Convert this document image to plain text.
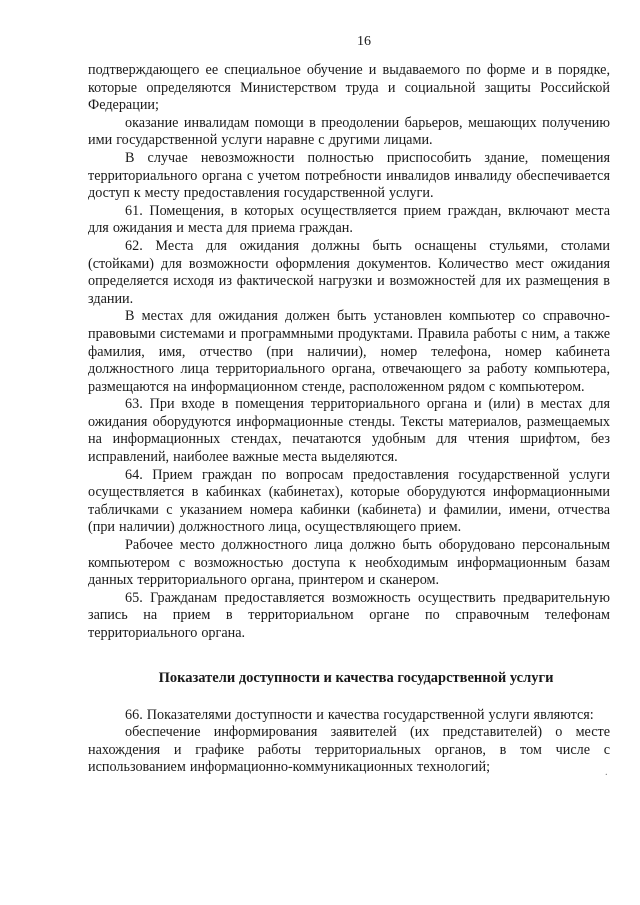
16

подтверждающего ее специальное обучение и выдаваемого по форме и в порядке, которые определяются Министерством труда и социальной защиты Российской Федерации;

оказание инвалидам помощи в преодолении барьеров, мешающих получению ими государственной услуги наравне с другими лицами.

В случае невозможности полностью приспособить здание, помещения территориального органа с учетом потребности инвалидов инвалиду обеспечивается доступ к месту предоставления государственной услуги.

61. Помещения, в которых осуществляется прием граждан, включают места для ожидания и места для приема граждан.

62. Места для ожидания должны быть оснащены стульями, столами (стойками) для возможности оформления документов. Количество мест ожидания определяется исходя из фактической нагрузки и возможностей для их размещения в здании.

В местах для ожидания должен быть установлен компьютер со справочно-правовыми системами и программными продуктами. Правила работы с ним, а также фамилия, имя, отчество (при наличии), номер телефона, номер кабинета должностного лица территориального органа, отвечающего за работу компьютера, размещаются на информационном стенде, расположенном рядом с компьютером.

63. При входе в помещения территориального органа и (или) в местах для ожидания оборудуются информационные стенды. Тексты материалов, размещаемых на информационных стендах, печатаются удобным для чтения шрифтом, без исправлений, наиболее важные места выделяются.

64. Прием граждан по вопросам предоставления государственной услуги осуществляется в кабинках (кабинетах), которые оборудуются информационными табличками с указанием номера кабинки (кабинета) и фамилии, имени, отчества (при наличии) должностного лица, осуществляющего прием.

Рабочее место должностного лица должно быть оборудовано персональным компьютером с возможностью доступа к необходимым информационным базам данных территориального органа, принтером и сканером.

65. Гражданам предоставляется возможность осуществить предварительную запись на прием в территориальном органе по справочным телефонам территориального органа.

Показатели доступности и качества государственной услуги

66. Показателями доступности и качества государственной услуги являются:

обеспечение информирования заявителей (их представителей) о месте нахождения и графике работы территориальных органов, в том числе с использованием информационно-коммуникационных технологий;

·
